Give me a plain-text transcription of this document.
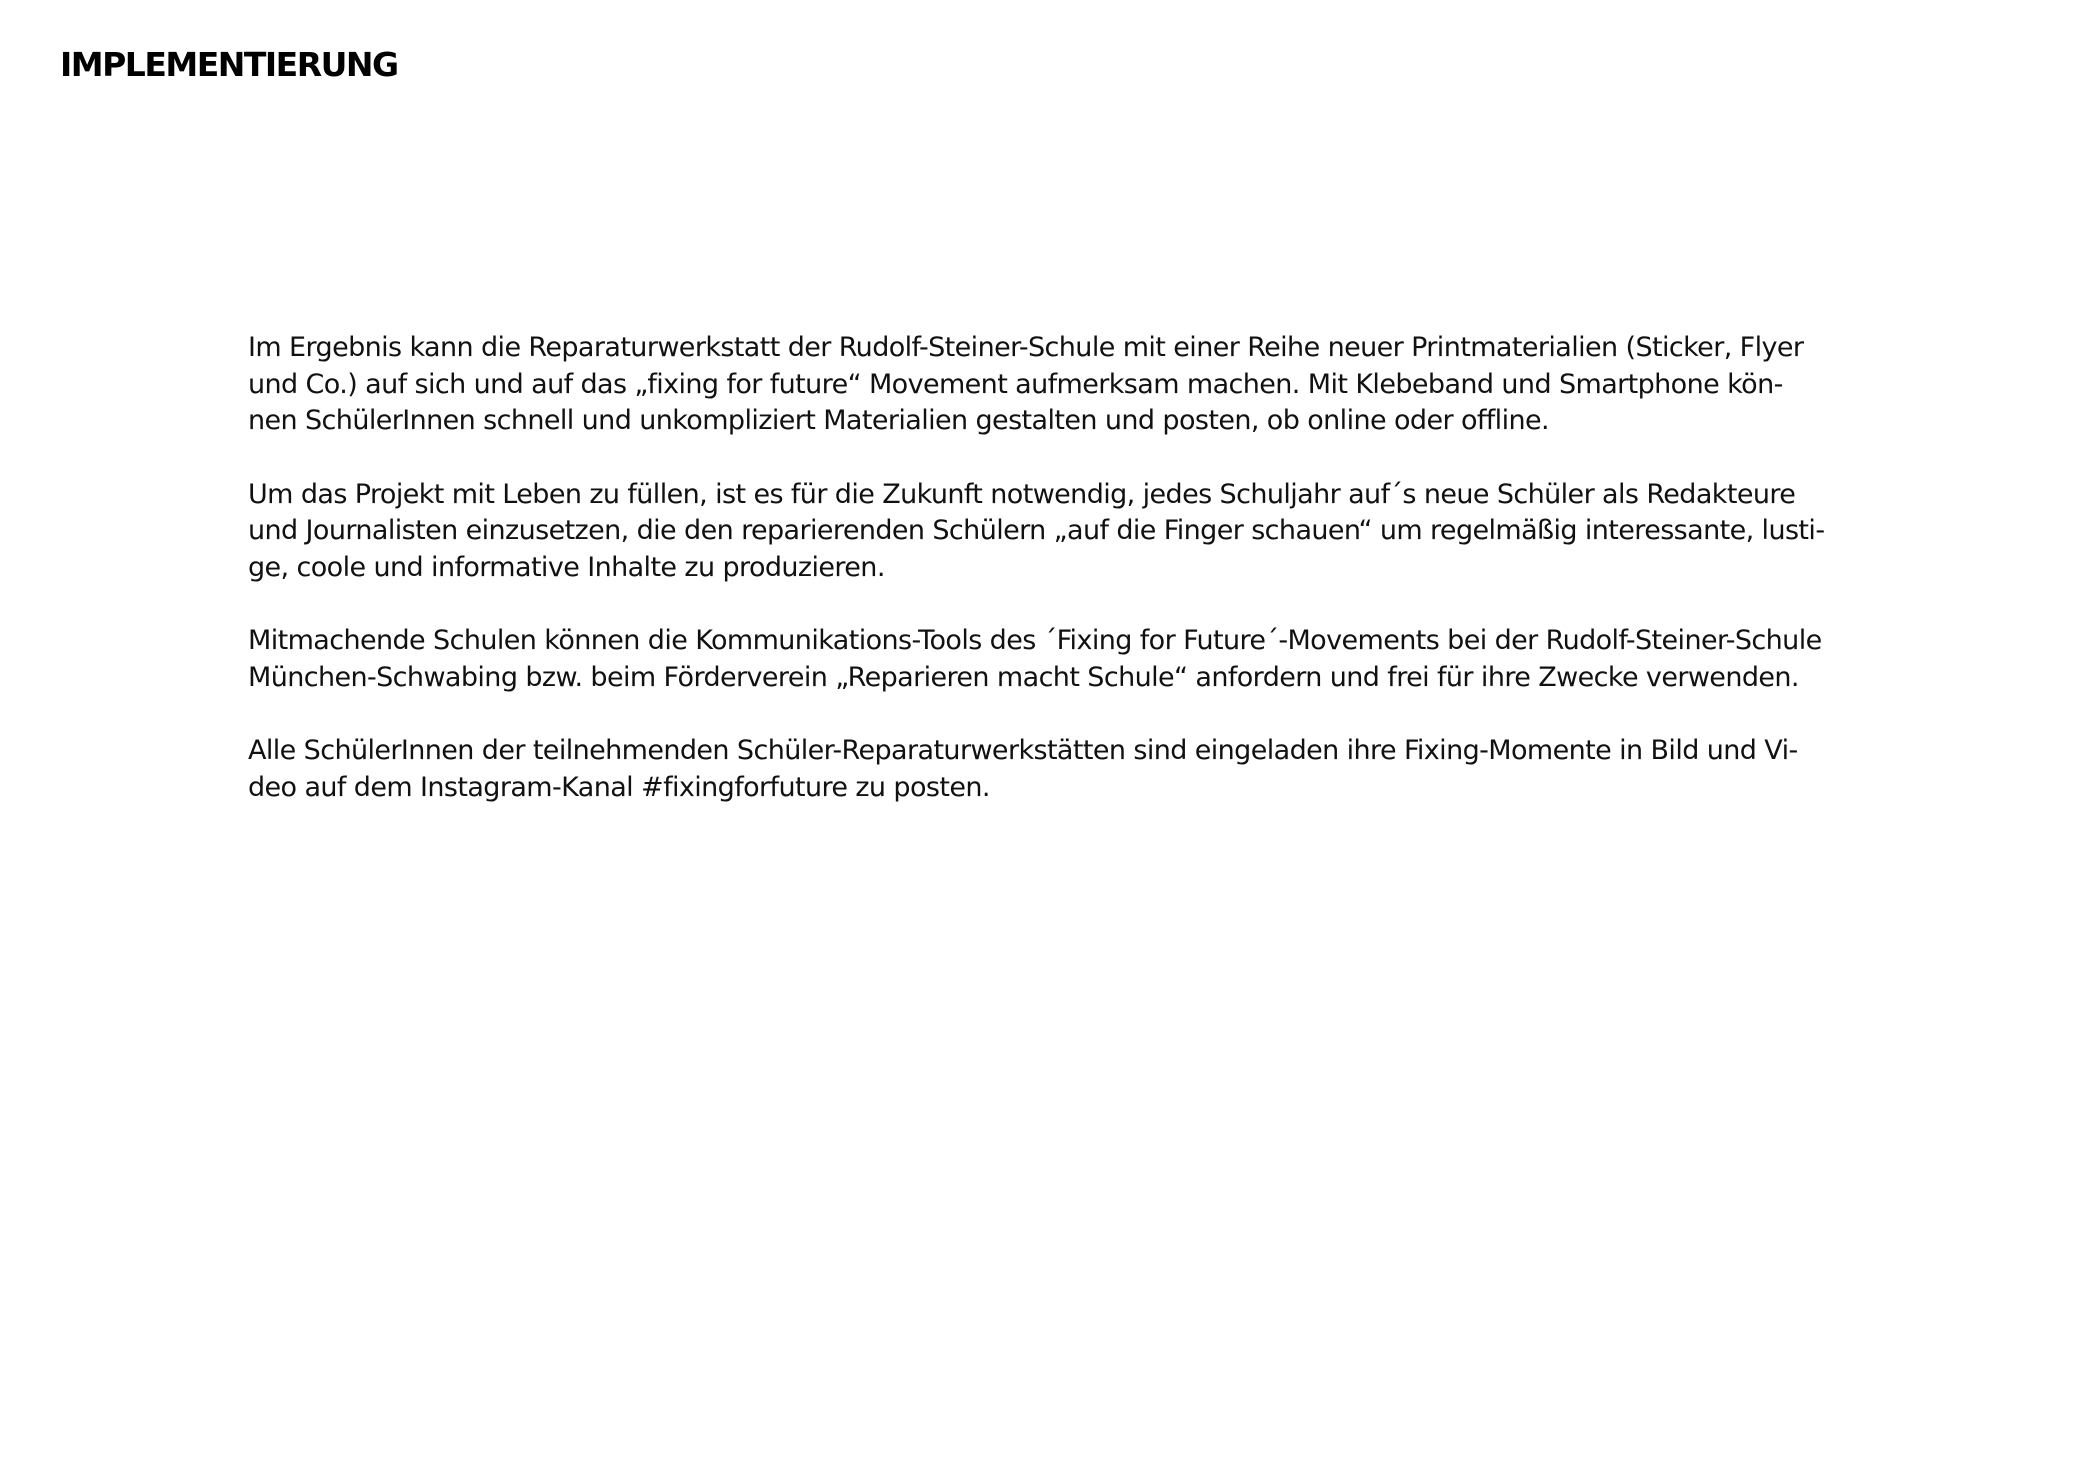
IMPLEMENTIERUNG

Im Ergebnis kann die Reparaturwerkstatt der Rudolf-Steiner-Schule mit einer Reihe neuer Printmaterialien (Sticker, Flyer
und Co.) auf sich und auf das „fixing for future“ Movement aufmerksam machen. Mit Klebeband und Smartphone kön-
nen SchülerInnen schnell und unkompliziert Materialien gestalten und posten, ob online oder offline.

Um das Projekt mit Leben zu füllen, ist es für die Zukunft notwendig, jedes Schuljahr auf´s neue Schüler als Redakteure
und Journalisten einzusetzen, die den reparierenden Schülern „auf die Finger schauen“ um regelmäßig interessante, lusti-
ge, coole und informative Inhalte zu produzieren.

Mitmachende Schulen können die Kommunikations-Tools des ´Fixing for Future´-Movements bei der Rudolf-Steiner-Schule
München-Schwabing bzw. beim Förderverein „Reparieren macht Schule“ anfordern und frei für ihre Zwecke verwenden.

Alle SchülerInnen der teilnehmenden Schüler-Reparaturwerkstätten sind eingeladen ihre Fixing-Momente in Bild und Vi-
deo auf dem Instagram-Kanal #fixingforfuture zu posten.
